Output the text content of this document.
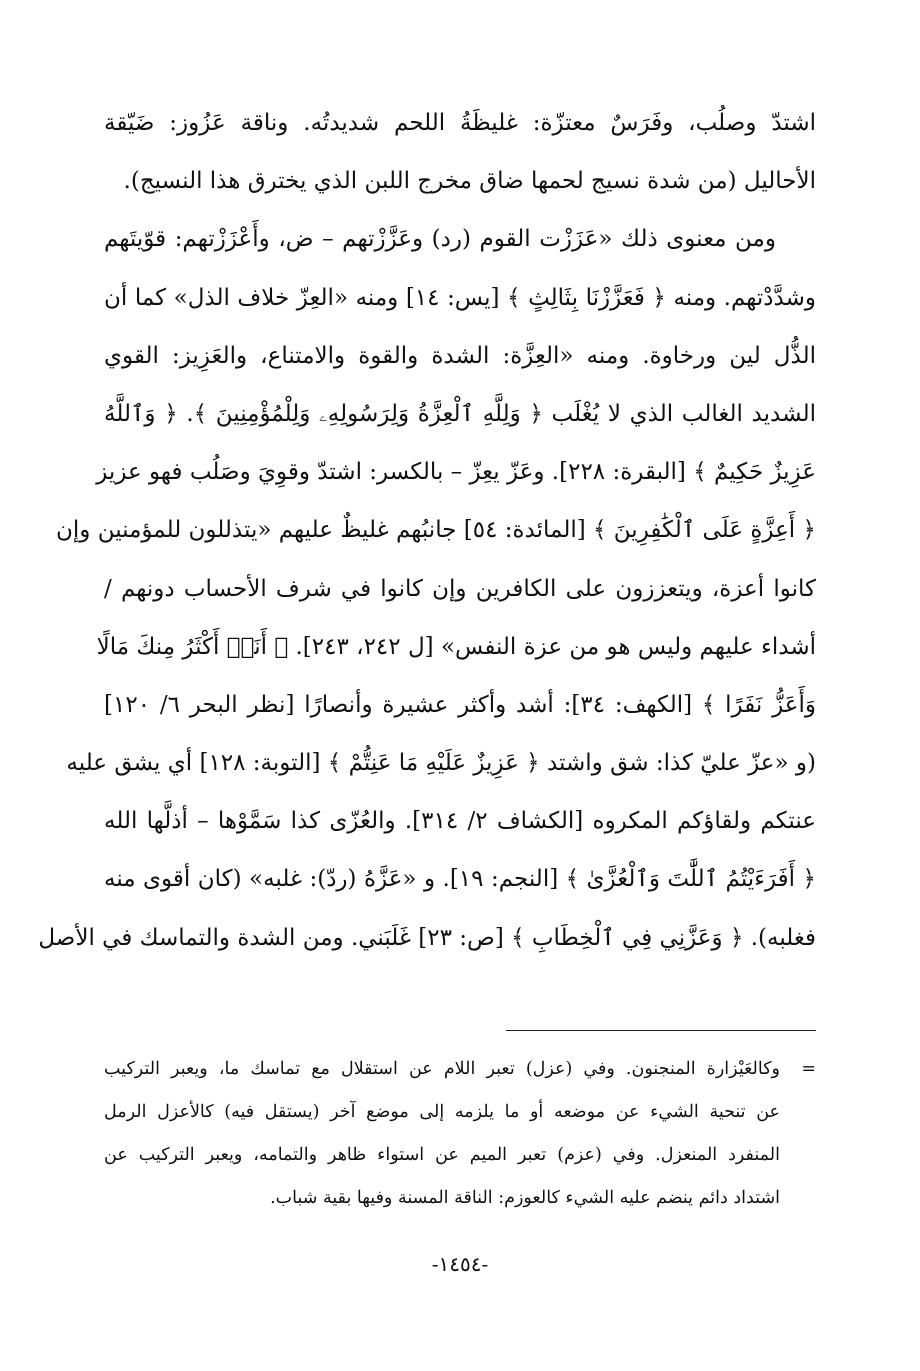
اشتدّ وصلُب، وفَرَسٌ معتزّة: غليظَةُ اللحم شديدتُه. وناقة عَزُوز: ضَيّقة
الأحاليل (من شدة نسيج لحمها ضاق مخرج اللبن الذي يخترق هذا النسيج).
ومن معنوى ذلك «عَزَزْت القوم (رد) وعَزَّزْتهم – ض، وأَعْزَزْتهم: قوّيتَهم
وشدَّدْتهم. ومنه ﴿ فَعَزَّزْنَا بِثَالِثٍ ﴾ [يس: ١٤] ومنه «العِزّ خلاف الذل» كما أن
الذُّل لين ورخاوة. ومنه «العِزَّة: الشدة والقوة والامتناع، والعَزِيز: القوي
الشديد الغالب الذي لا يُغْلَب ﴿ وَلِلَّهِ ٱلْعِزَّةُ وَلِرَسُولِهِۦ وَلِلْمُؤْمِنِينَ ﴾. ﴿ وَٱللَّهُ
عَزِيزٌ حَكِيمٌ ﴾ [البقرة: ٢٢٨]. وعَزّ يعِزّ – بالكسر: اشتدّ وقوِيَ وصَلُب فهو عزيز
﴿ أَعِزَّةٍ عَلَى ٱلْكَٰفِرِينَ ﴾ [المائدة: ٥٤] جانبُهم غليظٌ عليهم «يتذللون للمؤمنين وإن
كانوا أعزة، ويتعززون على الكافرين وإن كانوا في شرف الأحساب دونهم /
أشداء عليهم وليس هو من عزة النفس» [ل ٢٤٢، ٢٤٣]. ﴿ أَنَا۠ أَكْثَرُ مِنكَ مَالًا
وَأَعَزُّ نَفَرًا ﴾ [الكهف: ٣٤]: أشد وأكثر عشيرة وأنصارًا [نظر البحر ٦/ ١٢٠]
(و «عزّ عليّ كذا: شق واشتد ﴿ عَزِيزٌ عَلَيْهِ مَا عَنِتُّمْ ﴾ [التوبة: ١٢٨] أي يشق عليه
عنتكم ولقاؤكم المكروه [الكشاف ٢/ ٣١٤]. والعُزّى كذا سَمَّوْها – أذلَّها الله
﴿ أَفَرَءَيْتُمُ ٱللَّٰتَ وَٱلْعُزَّىٰ ﴾ [النجم: ١٩]. و «عَزَّهُ (ردّ): غلبه» (كان أقوى منه
فغلبه). ﴿ وَعَزَّنِي فِي ٱلْخِطَابِ ﴾ [ص: ٢٣] غَلَبَني. ومن الشدة والتماسك في الأصل
=
وكالعَيْزارة المنجنون. وفي (عزل) تعبر اللام عن استقلال مع تماسك ما، ويعبر التركيب
عن تنحية الشيء عن موضعه أو ما يلزمه إلى موضع آخر (يستقل فيه) كالأعزل الرمل
المنفرد المنعزل. وفي (عزم) تعبر الميم عن استواء ظاهر والتمامه، ويعبر التركيب عن
اشتداد دائم ينضم عليه الشيء كالعوزم: الناقة المسنة وفيها بقية شباب.
-١٤٥٤-
